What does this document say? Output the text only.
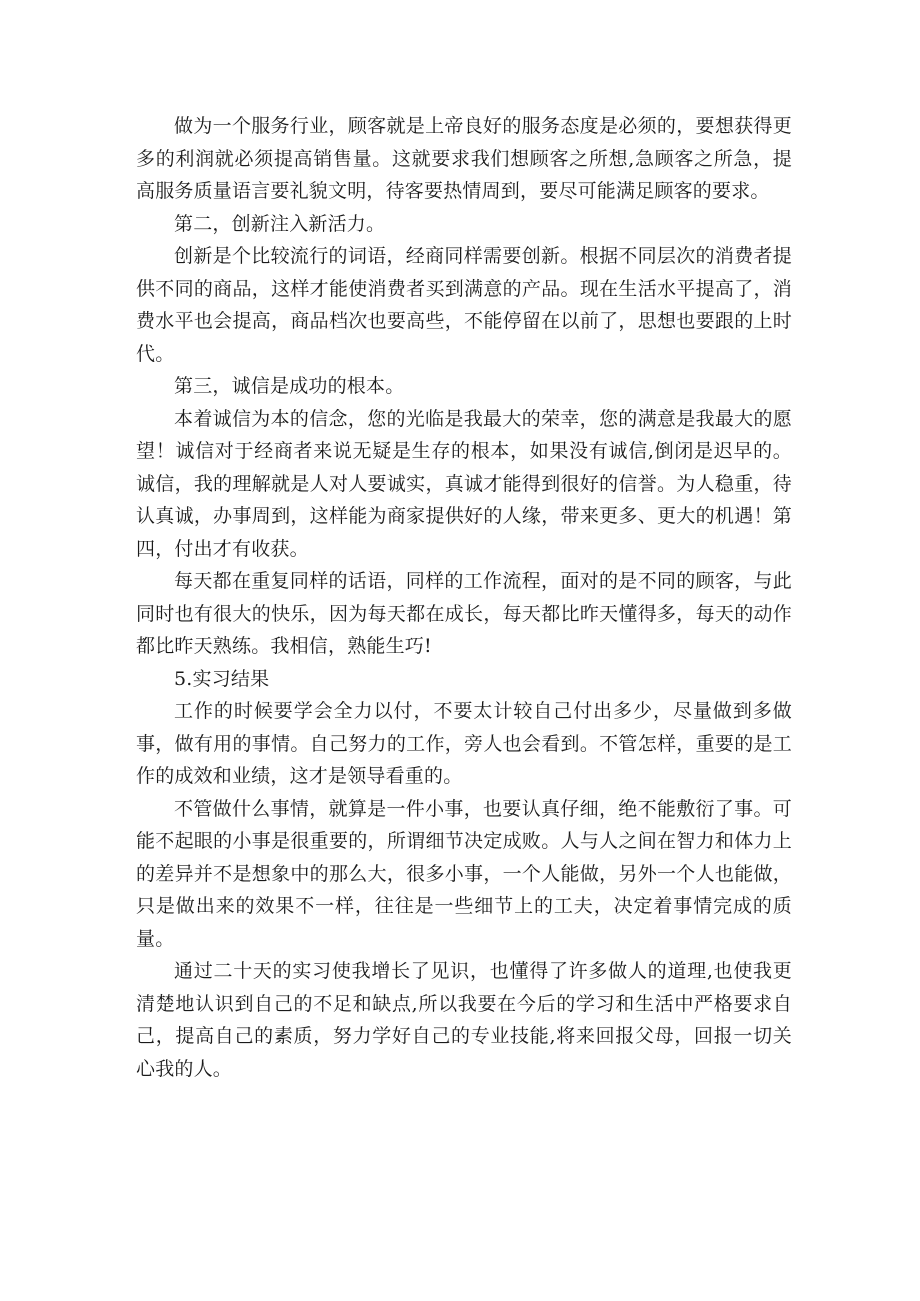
做为一个服务行业，顾客就是上帝良好的服务态度是必须的，要想获得更多的利润就必须提高销售量。这就要求我们想顾客之所想,急顾客之所急，提高服务质量语言要礼貌文明，待客要热情周到，要尽可能满足顾客的要求。

第二，创新注入新活力。

创新是个比较流行的词语，经商同样需要创新。根据不同层次的消费者提供不同的商品，这样才能使消费者买到满意的产品。现在生活水平提高了，消费水平也会提高，商品档次也要高些，不能停留在以前了，思想也要跟的上时代。

第三，诚信是成功的根本。

本着诚信为本的信念，您的光临是我最大的荣幸，您的满意是我最大的愿望！诚信对于经商者来说无疑是生存的根本，如果没有诚信,倒闭是迟早的。诚信，我的理解就是人对人要诚实，真诚才能得到很好的信誉。为人稳重，待认真诚，办事周到，这样能为商家提供好的人缘，带来更多、更大的机遇！第四，付出才有收获。

每天都在重复同样的话语，同样的工作流程，面对的是不同的顾客，与此同时也有很大的快乐，因为每天都在成长，每天都比昨天懂得多，每天的动作都比昨天熟练。我相信，熟能生巧!

5.实习结果

工作的时候要学会全力以付，不要太计较自己付出多少，尽量做到多做事，做有用的事情。自己努力的工作，旁人也会看到。不管怎样，重要的是工作的成效和业绩，这才是领导看重的。

不管做什么事情，就算是一件小事，也要认真仔细，绝不能敷衍了事。可能不起眼的小事是很重要的，所谓细节决定成败。人与人之间在智力和体力上的差异并不是想象中的那么大，很多小事，一个人能做，另外一个人也能做，只是做出来的效果不一样，往往是一些细节上的工夫，决定着事情完成的质量。

通过二十天的实习使我增长了见识，也懂得了许多做人的道理,也使我更清楚地认识到自己的不足和缺点,所以我要在今后的学习和生活中严格要求自己，提高自己的素质，努力学好自己的专业技能,将来回报父母，回报一切关心我的人。
